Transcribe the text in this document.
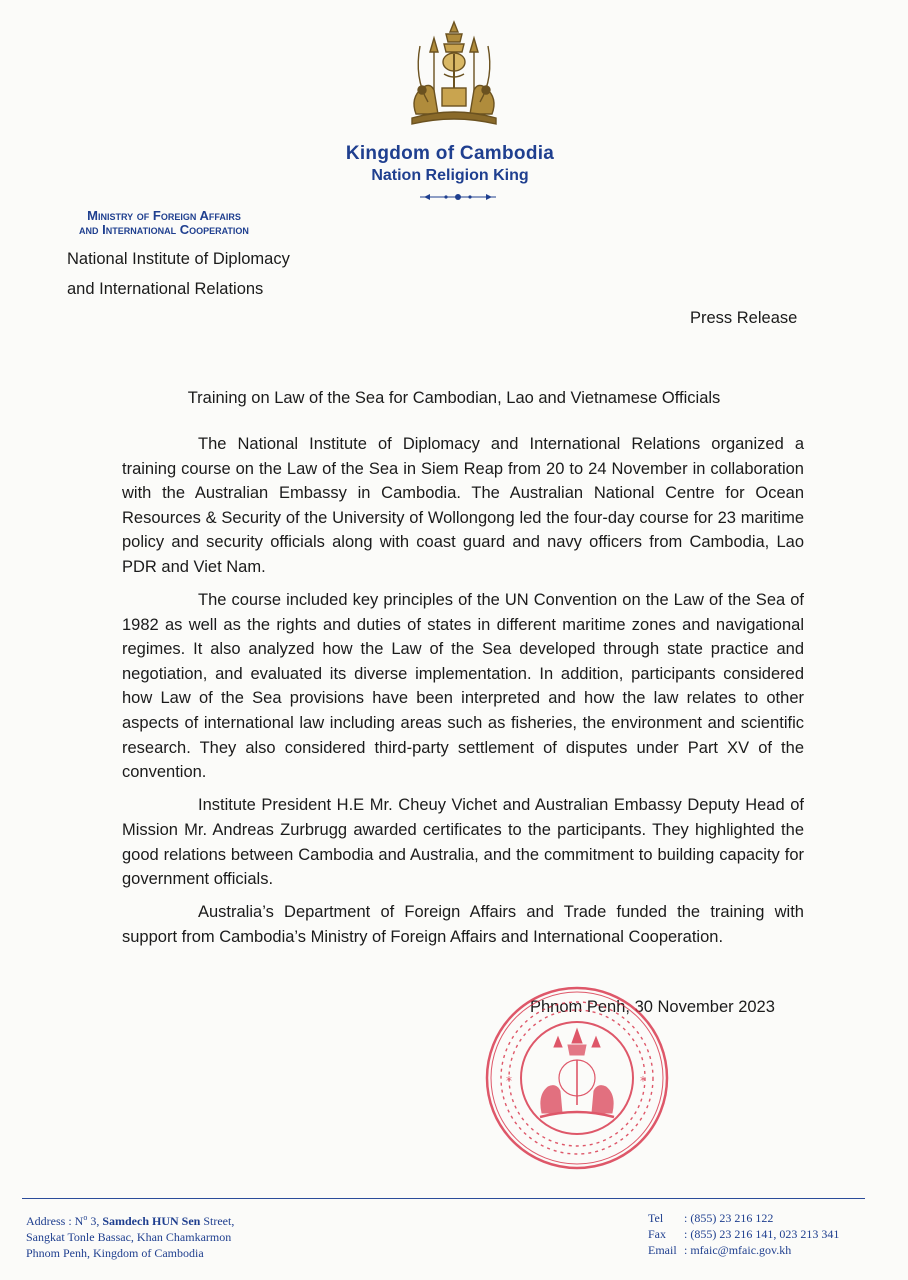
Kingdom of Cambodia
Nation Religion King
Ministry of Foreign Affairs
and International Cooperation
National Institute of Diplomacy
and International Relations
Press Release
Training on Law of the Sea for Cambodian, Lao and Vietnamese Officials

The National Institute of Diplomacy and International Relations organized a training course on the Law of the Sea in Siem Reap from 20 to 24 November in collaboration with the Australian Embassy in Cambodia. The Australian National Centre for Ocean Resources & Security of the University of Wollongong led the four-day course for 23 maritime policy and security officials along with coast guard and navy officers from Cambodia, Lao PDR and Viet Nam.

The course included key principles of the UN Convention on the Law of the Sea of 1982 as well as the rights and duties of states in different maritime zones and navigational regimes. It also analyzed how the Law of the Sea developed through state practice and negotiation, and evaluated its diverse implementation. In addition, participants considered how Law of the Sea provisions have been interpreted and how the law relates to other aspects of international law including areas such as fisheries, the environment and scientific research. They also considered third-party settlement of disputes under Part XV of the convention.

Institute President H.E Mr. Cheuy Vichet and Australian Embassy Deputy Head of Mission Mr. Andreas Zurbrugg awarded certificates to the participants. They highlighted the good relations between Cambodia and Australia, and the commitment to building capacity for government officials.

Australia’s Department of Foreign Affairs and Trade funded the training with support from Cambodia’s Ministry of Foreign Affairs and International Cooperation.

Phnom Penh, 30 November 2023
*	*
Address : $N^o$ 3, Samdech HUN Sen Street,
Sangkat Tonle Bassac, Khan Chamkarmon
Phnom Penh, Kingdom of Cambodia
Tel : (855) 23 216 122
Fax : (855) 23 216 141, 023 213 341
Email : mfaic@mfaic.gov.kh
